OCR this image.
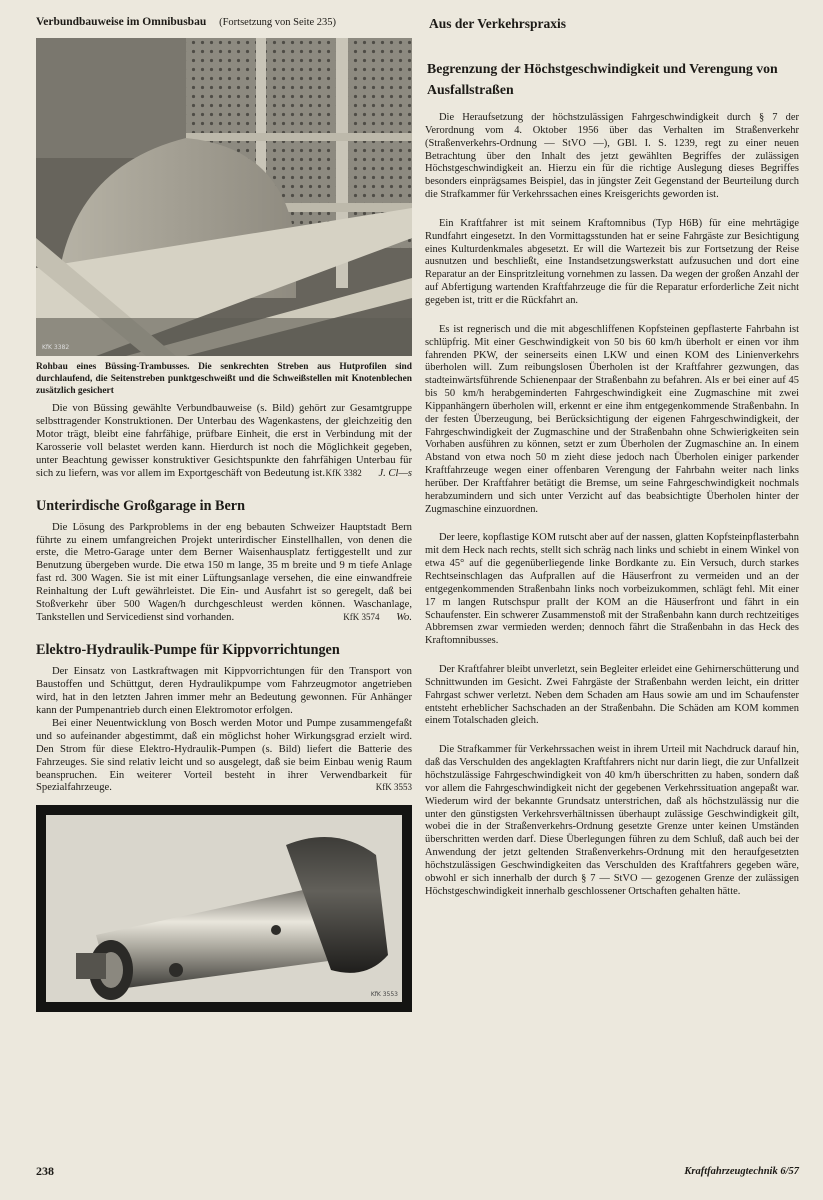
Verbundbauweise im Omnibusbau (Fortsetzung von Seite 235)
KfK 3382
Rohbau eines Büssing-Trambusses. Die senkrechten Streben aus Hutprofilen sind durchlaufend, die Seitenstreben punktgeschweißt und die Schweißstellen mit Knotenblechen zusätzlich gesichert

Die von Büssing gewählte Verbundbauweise (s. Bild) gehört zur Gesamtgruppe selbsttragender Konstruktionen. Der Unterbau des Wagenkastens, der gleichzeitig den Motor trägt, bleibt eine fahrfähige, prüfbare Einheit, die erst in Verbindung mit der Karosserie voll belastet werden kann. Hierdurch ist noch die Möglichkeit gegeben, unter Beachtung gewisser konstruktiver Gesichtspunkte den fahrfähigen Unterbau für sich zu liefern, was vor allem im Exportgeschäft von Bedeutung ist. KfK 3382 J. Cl—s
Unterirdische Großgarage in Bern

Die Lösung des Parkproblems in der eng bebauten Schweizer Hauptstadt Bern führte zu einem umfangreichen Projekt unterirdischer Einstellhallen, von denen die erste, die Metro-Garage unter dem Berner Waisenhausplatz fertiggestellt und zur Benutzung übergeben wurde. Die etwa 150 m lange, 35 m breite und 9 m tiefe Anlage fast rd. 300 Wagen. Sie ist mit einer Lüftungsanlage versehen, die eine einwandfreie Reinhaltung der Luft gewährleistet. Die Ein- und Ausfahrt ist so geregelt, daß bei Stoßverkehr über 500 Wagen/h durchgeschleust werden können. Waschanlage, Tankstellen und Servicedienst sind vorhanden.	KfK 3574 Wo.
Elektro-Hydraulik-Pumpe für Kippvorrichtungen

Der Einsatz von Lastkraftwagen mit Kippvorrichtungen für den Transport von Baustoffen und Schüttgut, deren Hydraulikpumpe vom Fahrzeugmotor angetrieben wird, hat in den letzten Jahren immer mehr an Bedeutung gewonnen. Für Anhänger kann der Pumpenantrieb durch einen Elektromotor erfolgen.

Bei einer Neuentwicklung von Bosch werden Motor und Pumpe zusammengefaßt und so aufeinander abgestimmt, daß ein möglichst hoher Wirkungsgrad erzielt wird. Den Strom für diese Elektro-Hydraulik-Pumpen (s. Bild) liefert die Batterie des Fahrzeuges. Sie sind relativ leicht und so ausgelegt, daß sie beim Einbau wenig Raum beanspruchen. Ein weiterer Vorteil besteht in ihrer Verwendbarkeit für Spezialfahrzeuge.	KfK 3553
KfK 3553
Aus der Verkehrspraxis
Begrenzung der Höchstgeschwindigkeit und Verengung von Ausfallstraßen

Die Heraufsetzung der höchstzulässigen Fahrgeschwindigkeit durch § 7 der Verordnung vom 4. Oktober 1956 über das Verhalten im Straßenverkehr (Straßenverkehrs-Ordnung — StVO —), GBl. I. S. 1239, regt zu einer neuen Betrachtung über den Inhalt des jetzt gewählten Begriffes der zulässigen Höchstgeschwindigkeit an. Hierzu ein für die richtige Auslegung dieses Begriffes besonders einprägsames Beispiel, das in jüngster Zeit Gegenstand der Beurteilung durch die Strafkammer für Verkehrssachen eines Kreisgerichts geworden ist.

Ein Kraftfahrer ist mit seinem Kraftomnibus (Typ H6B) für eine mehrtägige Rundfahrt eingesetzt. In den Vormittagsstunden hat er seine Fahrgäste zur Besichtigung eines Kulturdenkmales abgesetzt. Er will die Wartezeit bis zur Fortsetzung der Reise ausnutzen und beschließt, eine Instandsetzungswerkstatt aufzusuchen und dort eine Reparatur an der Einspritzleitung vornehmen zu lassen. Da wegen der großen Anzahl der auf Abfertigung wartenden Kraftfahrzeuge die für die Reparatur erforderliche Zeit nicht gegeben ist, tritt er die Rückfahrt an.

Es ist regnerisch und die mit abgeschliffenen Kopfsteinen gepflasterte Fahrbahn ist schlüpfrig. Mit einer Geschwindigkeit von 50 bis 60 km/h überholt er einen vor ihm fahrenden PKW, der seinerseits einen LKW und einen KOM des Linienverkehrs überholen will. Zum reibungslosen Überholen ist der Kraftfahrer gezwungen, das stadteinwärtsführende Schienenpaar der Straßenbahn zu befahren. Als er bei einer auf 45 bis 50 km/h herabgeminderten Fahrgeschwindigkeit eine Zugmaschine mit zwei Kippanhängern überholen will, erkennt er eine ihm entgegenkommende Straßenbahn. In der festen Überzeugung, bei Berücksichtigung der eigenen Fahrgeschwindigkeit, der Fahrgeschwindigkeit der Zugmaschine und der Straßenbahn ohne Schwierigkeiten sein Vorhaben ausführen zu können, setzt er zum Überholen der Zugmaschine an. In einem Abstand von etwa noch 50 m zieht diese jedoch nach Überholen einiger parkender Kraftfahrzeuge wegen einer offenbaren Verengung der Fahrbahn weiter nach links herüber. Der Kraftfahrer betätigt die Bremse, um seine Fahrgeschwindigkeit nochmals herabzumindern und sich unter Verzicht auf das beabsichtigte Überholen hinter der Zugmaschine einzuordnen.

Der leere, kopflastige KOM rutscht aber auf der nassen, glatten Kopfsteinpflasterbahn mit dem Heck nach rechts, stellt sich schräg nach links und schiebt in einem Winkel von etwa 45° auf die gegenüberliegende linke Bordkante zu. Ein Versuch, durch starkes Rechtseinschlagen das Aufprallen auf die Häuserfront zu vermeiden und an der entgegenkommenden Straßenbahn links noch vorbeizukommen, schlägt fehl. Mit einer 17 m langen Rutschspur prallt der KOM an die Häuserfront und fährt in ein Schaufenster. Ein schwerer Zusammenstoß mit der Straßenbahn kann durch rechtzeitiges Abbremsen zwar vermieden werden; dennoch fährt die Straßenbahn in das Heck des Kraftomnibusses.

Der Kraftfahrer bleibt unverletzt, sein Begleiter erleidet eine Gehirnerschütterung und Schnittwunden im Gesicht. Zwei Fahrgäste der Straßenbahn werden leicht, ein dritter Fahrgast schwer verletzt. Neben dem Schaden am Haus sowie am und im Schaufenster entsteht erheblicher Sachschaden an der Straßenbahn. Die Schäden am KOM kommen einem Totalschaden gleich.

Die Strafkammer für Verkehrssachen weist in ihrem Urteil mit Nachdruck darauf hin, daß das Verschulden des angeklagten Kraftfahrers nicht nur darin liegt, die zur Unfallzeit höchstzulässige Fahrgeschwindigkeit von 40 km/h überschritten zu haben, sondern daß vor allem die Fahrgeschwindigkeit nicht der gegebenen Verkehrssituation angepaßt war. Wiederum wird der bekannte Grundsatz unterstrichen, daß als höchstzulässig nur die unter den günstigsten Verkehrsverhältnissen überhaupt zulässige Geschwindigkeit gilt, wobei die in der Straßenverkehrs-Ordnung gesetzte Grenze unter keinen Umständen überschritten werden darf. Diese Überlegungen führen zu dem Schluß, daß auch bei der Anwendung der jetzt geltenden Straßenverkehrs-Ordnung mit den heraufgesetzten höchstzulässigen Geschwindigkeiten das Verschulden des Kraftfahrers gegeben wäre, obwohl er sich innerhalb der durch § 7 — StVO — gezogenen Grenze der zulässigen Höchstgeschwindigkeit innerhalb geschlossener Ortschaften gehalten hätte.

238	Kraftfahrzeugtechnik 6/57
